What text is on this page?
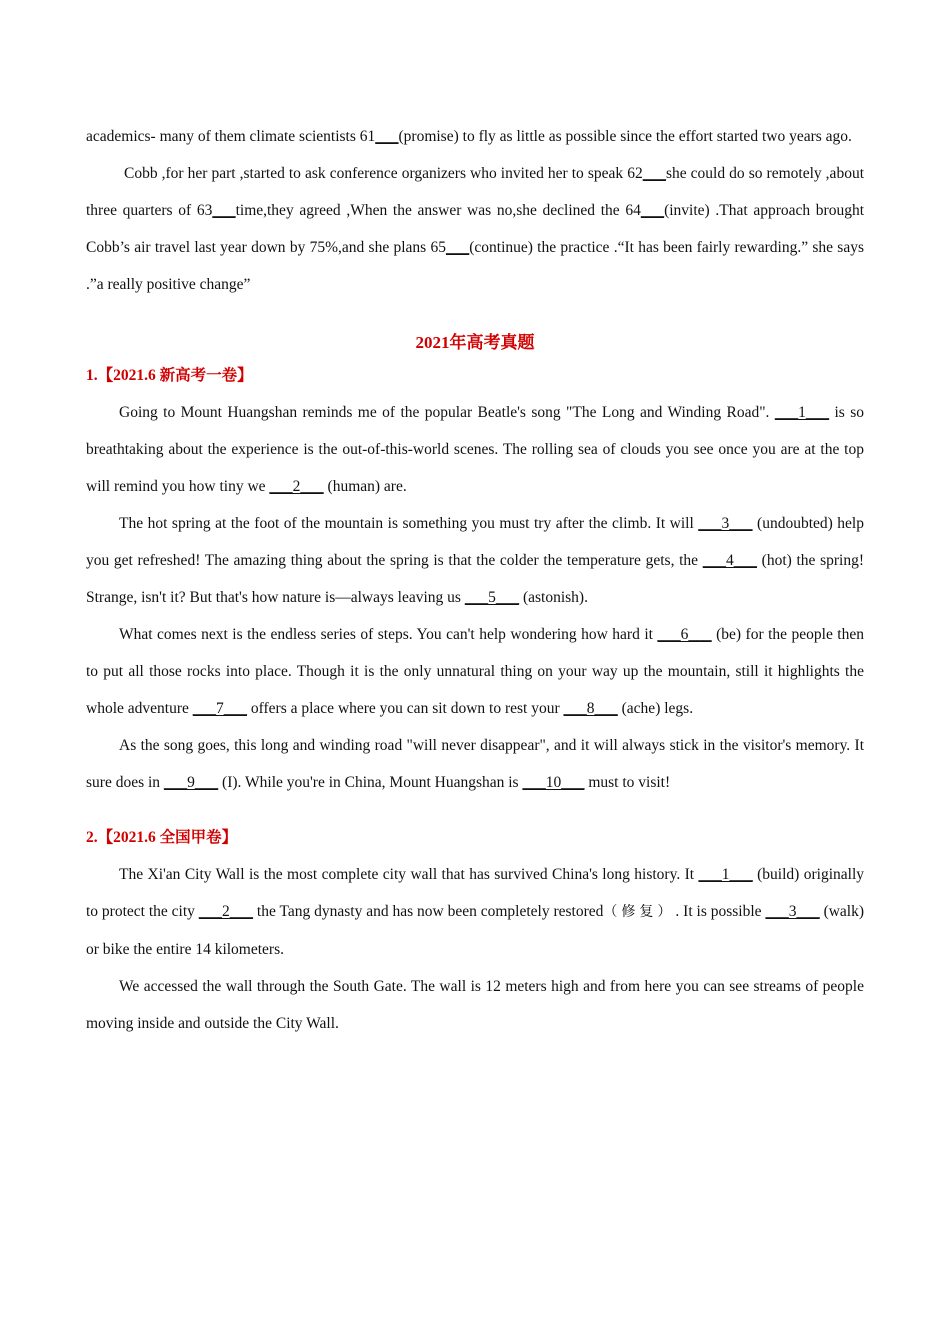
academics- many of them climate scientists 61___(promise) to fly as little as possible since the effort started two years ago.

Cobb ,for her part ,started to ask conference organizers who invited her to speak 62___she could do so remotely ,about three quarters of 63___time,they agreed ,When the answer was no,she declined the 64___(invite) .That approach brought Cobb’s air travel last year down by 75%,and she plans 65___(continue) the practice .“It has been fairly rewarding.” she says .”a really positive change”

2021年高考真题
1.【2021.6 新高考一卷】

Going to Mount Huangshan reminds me of the popular Beatle's song "The Long and Winding Road". ___1___ is so breathtaking about the experience is the out-of-this-world scenes. The rolling sea of clouds you see once you are at the top will remind you how tiny we ___2___ (human) are.

The hot spring at the foot of the mountain is something you must try after the climb. It will ___3___ (undoubted) help you get refreshed! The amazing thing about the spring is that the colder the temperature gets, the ___4___ (hot) the spring! Strange, isn't it? But that's how nature is—always leaving us ___5___ (astonish).

What comes next is the endless series of steps. You can't help wondering how hard it ___6___ (be) for the people then to put all those rocks into place. Though it is the only unnatural thing on your way up the mountain, still it highlights the whole adventure ___7___ offers a place where you can sit down to rest your ___8___ (ache) legs.

As the song goes, this long and winding road "will never disappear", and it will always stick in the visitor's memory. It sure does in ___9___ (I). While you're in China, Mount Huangshan is ___10___ must to visit!

2.【2021.6 全国甲卷】

The Xi'an City Wall is the most complete city wall that has survived China's long history. It ___1___ (build) originally to protect the city ___2___ the Tang dynasty and has now been completely restored（修复）. It is possible ___3___ (walk) or bike the entire 14 kilometers.

We accessed the wall through the South Gate. The wall is 12 meters high and from here you can see streams of people moving inside and outside the City Wall.
